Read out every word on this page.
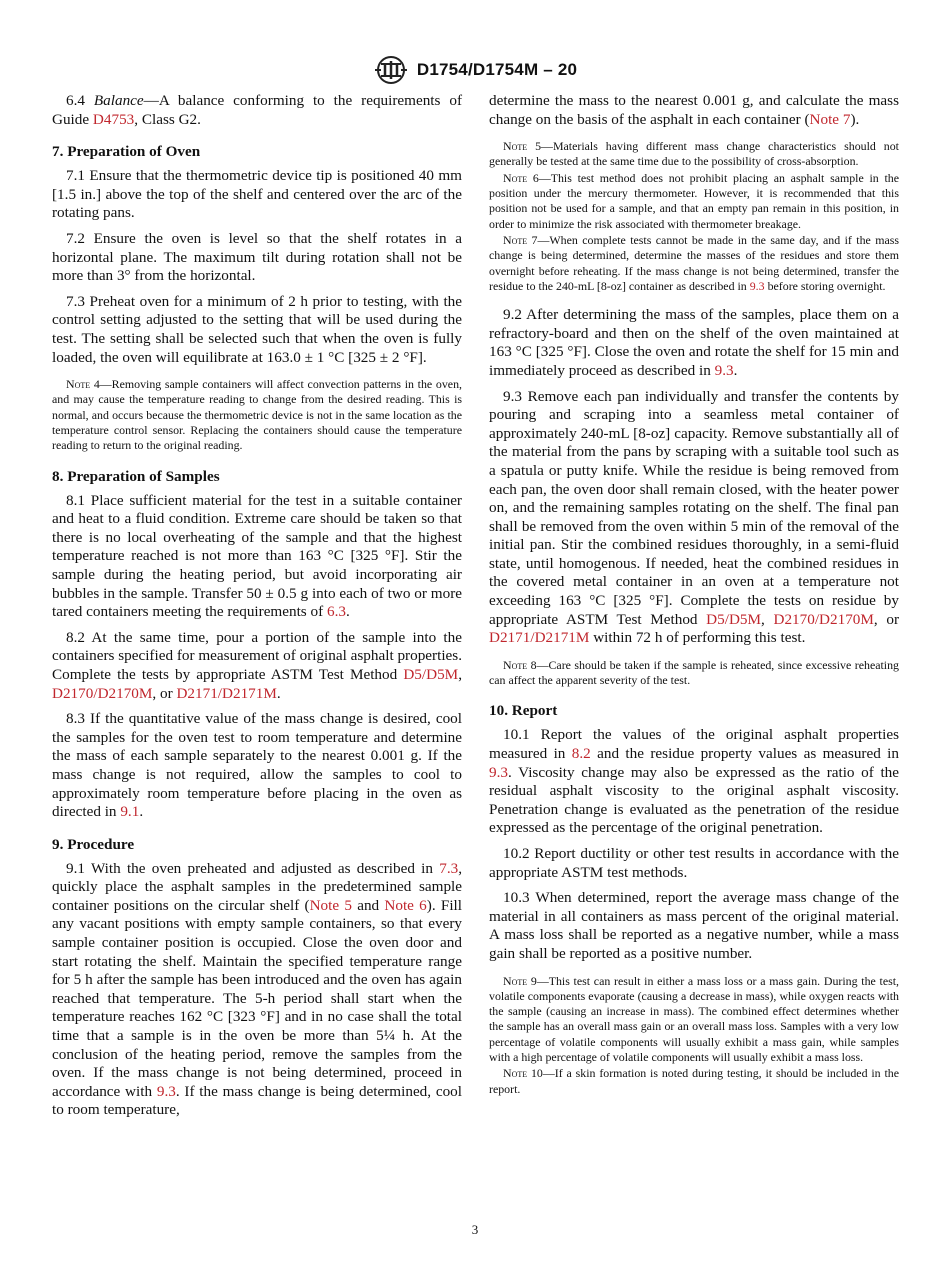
D1754/D1754M – 20

6.4 Balance—A balance conforming to the requirements of Guide D4753, Class G2.

7. Preparation of Oven

7.1 Ensure that the thermometric device tip is positioned 40 mm [1.5 in.] above the top of the shelf and centered over the arc of the rotating pans.

7.2 Ensure the oven is level so that the shelf rotates in a horizontal plane. The maximum tilt during rotation shall not be more than 3° from the horizontal.

7.3 Preheat oven for a minimum of 2 h prior to testing, with the control setting adjusted to the setting that will be used during the test. The setting shall be selected such that when the oven is fully loaded, the oven will equilibrate at 163.0 ± 1 °C [325 ± 2 °F].

Note 4—Removing sample containers will affect convection patterns in the oven, and may cause the temperature reading to change from the desired reading. This is normal, and occurs because the thermometric device is not in the same location as the temperature control sensor. Replacing the containers should cause the temperature reading to return to the original reading.

8. Preparation of Samples

8.1 Place sufficient material for the test in a suitable container and heat to a fluid condition. Extreme care should be taken so that there is no local overheating of the sample and that the highest temperature reached is not more than 163 °C [325 °F]. Stir the sample during the heating period, but avoid incorporating air bubbles in the sample. Transfer 50 ± 0.5 g into each of two or more tared containers meeting the requirements of 6.3.

8.2 At the same time, pour a portion of the sample into the containers specified for measurement of original asphalt properties. Complete the tests by appropriate ASTM Test Method D5/D5M, D2170/D2170M, or D2171/D2171M.

8.3 If the quantitative value of the mass change is desired, cool the samples for the oven test to room temperature and determine the mass of each sample separately to the nearest 0.001 g. If the mass change is not required, allow the samples to cool to approximately room temperature before placing in the oven as directed in 9.1.

9. Procedure

9.1 With the oven preheated and adjusted as described in 7.3, quickly place the asphalt samples in the predetermined sample container positions on the circular shelf (Note 5 and Note 6). Fill any vacant positions with empty sample containers, so that every sample container position is occupied. Close the oven door and start rotating the shelf. Maintain the specified temperature range for 5 h after the sample has been introduced and the oven has again reached that temperature. The 5-h period shall start when the temperature reaches 162 °C [323 °F] and in no case shall the total time that a sample is in the oven be more than 5¼ h. At the conclusion of the heating period, remove the samples from the oven. If the mass change is not being determined, proceed in accordance with 9.3. If the mass change is being determined, cool to room temperature,

determine the mass to the nearest 0.001 g, and calculate the mass change on the basis of the asphalt in each container (Note 7).

Note 5—Materials having different mass change characteristics should not generally be tested at the same time due to the possibility of cross-absorption.

Note 6—This test method does not prohibit placing an asphalt sample in the position under the mercury thermometer. However, it is recommended that this position not be used for a sample, and that an empty pan remain in this position, in order to minimize the risk associated with thermometer breakage.

Note 7—When complete tests cannot be made in the same day, and if the mass change is being determined, determine the masses of the residues and store them overnight before reheating. If the mass change is not being determined, transfer the residue to the 240-mL [8-oz] container as described in 9.3 before storing overnight.

9.2 After determining the mass of the samples, place them on a refractory-board and then on the shelf of the oven maintained at 163 °C [325 °F]. Close the oven and rotate the shelf for 15 min and immediately proceed as described in 9.3.

9.3 Remove each pan individually and transfer the contents by pouring and scraping into a seamless metal container of approximately 240-mL [8-oz] capacity. Remove substantially all of the material from the pans by scraping with a suitable tool such as a spatula or putty knife. While the residue is being removed from each pan, the oven door shall remain closed, with the heater power on, and the remaining samples rotating on the shelf. The final pan shall be removed from the oven within 5 min of the removal of the initial pan. Stir the combined residues thoroughly, in a semi-fluid state, until homogenous. If needed, heat the combined residues in the covered metal container in an oven at a temperature not exceeding 163 °C [325 °F]. Complete the tests on residue by appropriate ASTM Test Method D5/D5M, D2170/D2170M, or D2171/D2171M within 72 h of performing this test.

Note 8—Care should be taken if the sample is reheated, since excessive reheating can affect the apparent severity of the test.

10. Report

10.1 Report the values of the original asphalt properties measured in 8.2 and the residue property values as measured in 9.3. Viscosity change may also be expressed as the ratio of the residual asphalt viscosity to the original asphalt viscosity. Penetration change is evaluated as the penetration of the residue expressed as the percentage of the original penetration.

10.2 Report ductility or other test results in accordance with the appropriate ASTM test methods.

10.3 When determined, report the average mass change of the material in all containers as mass percent of the original material. A mass loss shall be reported as a negative number, while a mass gain shall be reported as a positive number.

Note 9—This test can result in either a mass loss or a mass gain. During the test, volatile components evaporate (causing a decrease in mass), while oxygen reacts with the sample (causing an increase in mass). The combined effect determines whether the sample has an overall mass gain or an overall mass loss. Samples with a very low percentage of volatile components will usually exhibit a mass gain, while samples with a high percentage of volatile components will usually exhibit a mass loss.

Note 10—If a skin formation is noted during testing, it should be included in the report.

3
